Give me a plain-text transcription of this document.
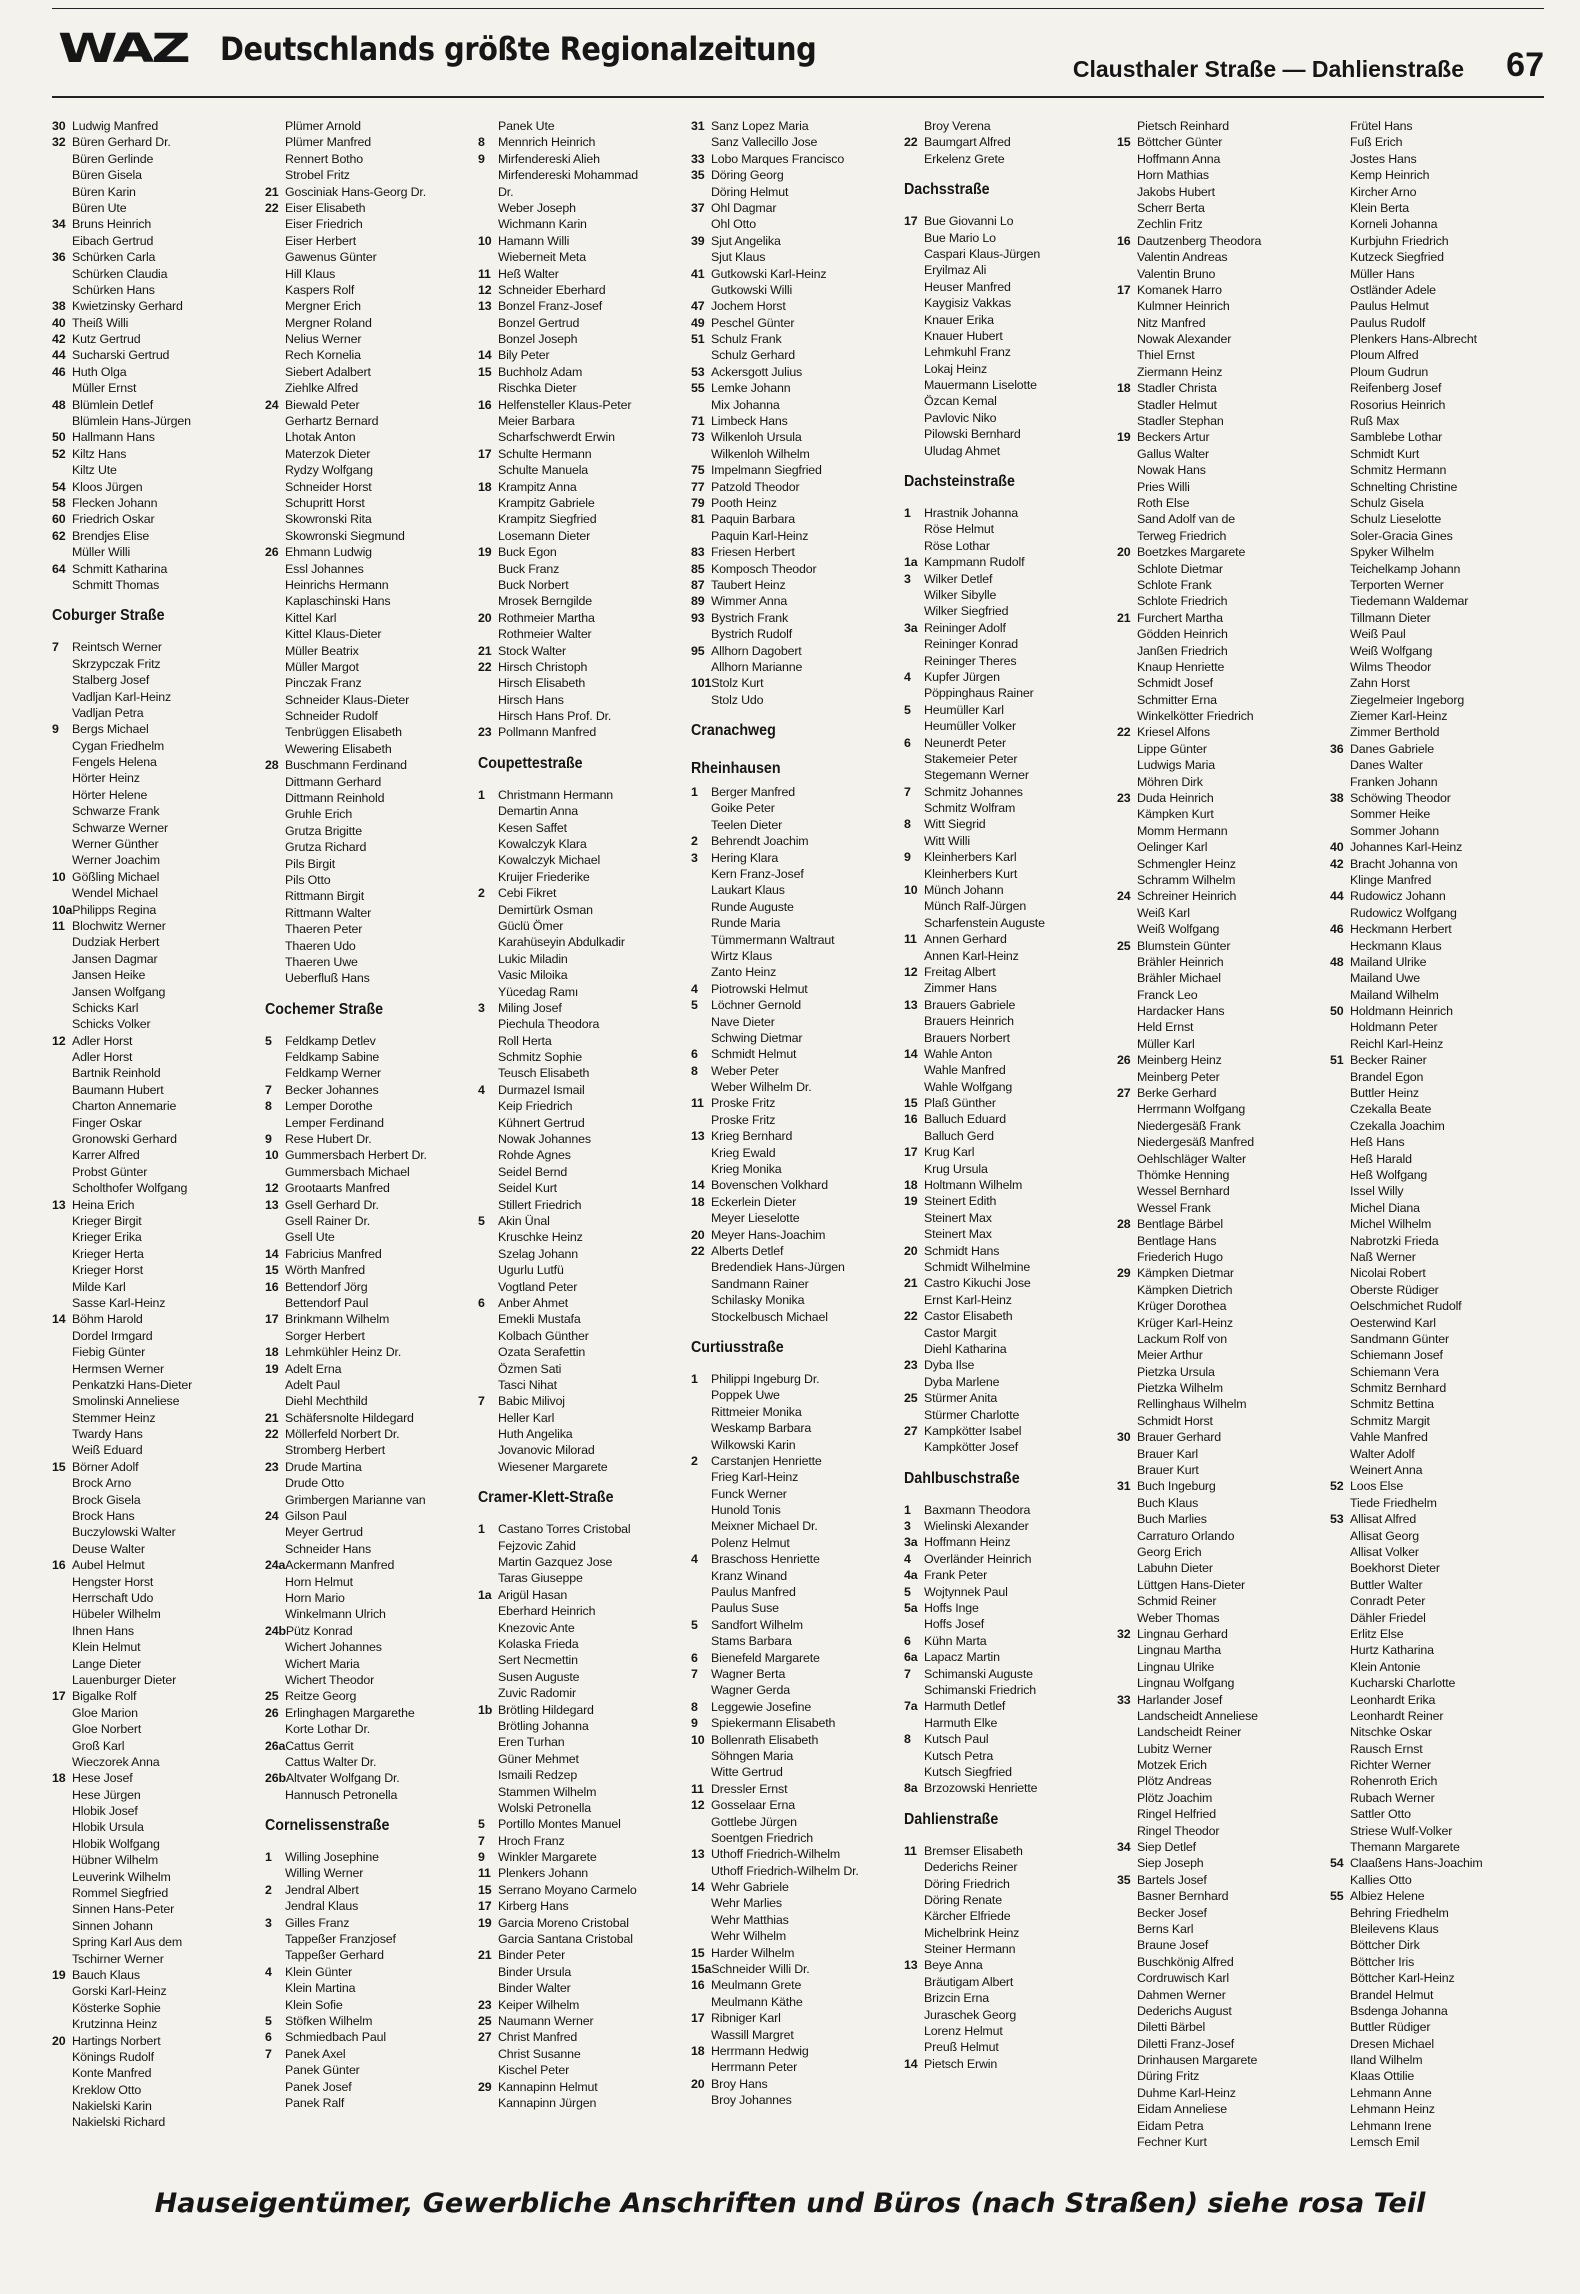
WAZ Deutschlands größte Regionalzeitung
Clausthaler Straße — Dahlienstraße 67
30 Ludwig Manfred
32 Büren Gerhard Dr.
Büren Gerlinde
Büren Gisela
Büren Karin
Büren Ute
34 Bruns Heinrich
Eibach Gertrud
36 Schürken Carla
Schürken Claudia
Schürken Hans
38 Kwietzinsky Gerhard
40 Theiß Willi
42 Kutz Gertrud
44 Sucharski Gertrud
46 Huth Olga
Müller Ernst
48 Blümlein Detlef
Blümlein Hans-Jürgen
50 Hallmann Hans
52 Kiltz Hans
Kiltz Ute
54 Kloos Jürgen
58 Flecken Johann
60 Friedrich Oskar
62 Brendjes Elise
Müller Willi
64 Schmitt Katharina
Schmitt Thomas
Coburger Straße
7 Reintsch Werner
Skrzypczak Fritz
Stalberg Josef
Vadljan Karl-Heinz
Vadljan Petra
9 Bergs Michael
Cygan Friedhelm
Fengels Helena
Hörter Heinz
Hörter Helene
Schwarze Frank
Schwarze Werner
Werner Günther
Werner Joachim
10 Gößling Michael
Wendel Michael
10aPhilipps Regina
11 Blochwitz Werner
Dudziak Herbert
Jansen Dagmar
Jansen Heike
Jansen Wolfgang
Schicks Karl
Schicks Volker
12 Adler Horst
Adler Horst
Bartnik Reinhold
Baumann Hubert
Charton Annemarie
Finger Oskar
Gronowski Gerhard
Karrer Alfred
Probst Günter
Scholthofer Wolfgang
13 Heina Erich
Krieger Birgit
Krieger Erika
Krieger Herta
Krieger Horst
Milde Karl
Sasse Karl-Heinz
14 Böhm Harold
Dordel Irmgard
Fiebig Günter
Hermsen Werner
Penkatzki Hans-Dieter
Smolinski Anneliese
Stemmer Heinz
Twardy Hans
Weiß Eduard
15 Börner Adolf
Brock Arno
Brock Gisela
Brock Hans
Buczylowski Walter
Deuse Walter
16 Aubel Helmut
Hengster Horst
Herrschaft Udo
Hübeler Wilhelm
Ihnen Hans
Klein Helmut
Lange Dieter
Lauenburger Dieter
17 Bigalke Rolf
Gloe Marion
Gloe Norbert
Groß Karl
Wieczorek Anna
18 Hese Josef
Hese Jürgen
Hlobik Josef
Hlobik Ursula
Hlobik Wolfgang
Hübner Wilhelm
Leuverink Wilhelm
Rommel Siegfried
Sinnen Hans-Peter
Sinnen Johann
Spring Karl Aus dem
Tschirner Werner
19 Bauch Klaus
Gorski Karl-Heinz
Kösterke Sophie
Krutzinna Heinz
20 Hartings Norbert
Könings Rudolf
Konte Manfred
Kreklow Otto
Nakielski Karin
Nakielski Richard
Plümer Arnold
Plümer Manfred
Rennert Botho
Strobel Fritz
21 Gosciniak Hans-Georg Dr.
22 Eiser Elisabeth
Eiser Friedrich
Eiser Herbert
Gawenus Günter
Hill Klaus
Kaspers Rolf
Mergner Erich
Mergner Roland
Nelius Werner
Rech Kornelia
Siebert Adalbert
Ziehlke Alfred
24 Biewald Peter
Gerhartz Bernard
Lhotak Anton
Materzok Dieter
Rydzy Wolfgang
Schneider Horst
Schupritt Horst
Skowronski Rita
Skowronski Siegmund
26 Ehmann Ludwig
Essl Johannes
Heinrichs Hermann
Kaplaschinski Hans
Kittel Karl
Kittel Klaus-Dieter
Müller Beatrix
Müller Margot
Pinczak Franz
Schneider Klaus-Dieter
Schneider Rudolf
Tenbrüggen Elisabeth
Wewering Elisabeth
28 Buschmann Ferdinand
Dittmann Gerhard
Dittmann Reinhold
Gruhle Erich
Grutza Brigitte
Grutza Richard
Pils Birgit
Pils Otto
Rittmann Birgit
Rittmann Walter
Thaeren Peter
Thaeren Udo
Thaeren Uwe
Ueberfluß Hans
Cochemer Straße
5 Feldkamp Detlev
Feldkamp Sabine
Feldkamp Werner
7 Becker Johannes
8 Lemper Dorothe
Lemper Ferdinand
9 Rese Hubert Dr.
10 Gummersbach Herbert Dr.
Gummersbach Michael
12 Grootaarts Manfred
13 Gsell Gerhard Dr.
Gsell Rainer Dr.
Gsell Ute
14 Fabricius Manfred
15 Wörth Manfred
16 Bettendorf Jörg
Bettendorf Paul
17 Brinkmann Wilhelm
Sorger Herbert
18 Lehmkühler Heinz Dr.
19 Adelt Erna
Adelt Paul
Diehl Mechthild
21 Schäfersnolte Hildegard
22 Möllerfeld Norbert Dr.
Stromberg Herbert
23 Drude Martina
Drude Otto
Grimbergen Marianne van
24 Gilson Paul
Meyer Gertrud
Schneider Hans
24aAckermann Manfred
Horn Helmut
Horn Mario
Winkelmann Ulrich
24bPütz Konrad
Wichert Johannes
Wichert Maria
Wichert Theodor
25 Reitze Georg
26 Erlinghagen Margarethe
Korte Lothar Dr.
26aCattus Gerrit
Cattus Walter Dr.
26bAltvater Wolfgang Dr.
Hannusch Petronella
Cornelissenstraße
1 Willing Josephine
Willing Werner
2 Jendral Albert
Jendral Klaus
3 Gilles Franz
Tappeßer Franzjosef
Tappeßer Gerhard
4 Klein Günter
Klein Martina
Klein Sofie
5 Stöfken Wilhelm
6 Schmiedbach Paul
7 Panek Axel
Panek Günter
Panek Josef
Panek Ralf
Panek Ute
8 Mennrich Heinrich
9 Mirfendereski Alieh
Mirfendereski Mohammad
Dr.
Weber Joseph
Wichmann Karin
10 Hamann Willi
Wieberneit Meta
11 Heß Walter
12 Schneider Eberhard
13 Bonzel Franz-Josef
Bonzel Gertrud
Bonzel Joseph
14 Bily Peter
15 Buchholz Adam
Rischka Dieter
16 Helfensteller Klaus-Peter
Meier Barbara
Scharfschwerdt Erwin
17 Schulte Hermann
Schulte Manuela
18 Krampitz Anna
Krampitz Gabriele
Krampitz Siegfried
Losemann Dieter
19 Buck Egon
Buck Franz
Buck Norbert
Mrosek Berngilde
20 Rothmeier Martha
Rothmeier Walter
21 Stock Walter
22 Hirsch Christoph
Hirsch Elisabeth
Hirsch Hans
Hirsch Hans Prof. Dr.
23 Pollmann Manfred
Coupettestraße
1 Christmann Hermann
Demartin Anna
Kesen Saffet
Kowalczyk Klara
Kowalczyk Michael
Kruijer Friederike
2 Cebi Fikret
Demirtürk Osman
Güclü Ömer
Karahüseyin Abdulkadir
Lukic Miladin
Vasic Miloika
Yücedag Ramı
3 Miling Josef
Piechula Theodora
Roll Herta
Schmitz Sophie
Teusch Elisabeth
4 Durmazel Ismail
Keip Friedrich
Kühnert Gertrud
Nowak Johannes
Rohde Agnes
Seidel Bernd
Seidel Kurt
Stillert Friedrich
5 Akin Ünal
Kruschke Heinz
Szelag Johann
Ugurlu Lutfü
Vogtland Peter
6 Anber Ahmet
Emekli Mustafa
Kolbach Günther
Ozata Serafettin
Özmen Sati
Tasci Nihat
7 Babic Milivoj
Heller Karl
Huth Angelika
Jovanovic Milorad
Wiesener Margarete
Cramer-Klett-Straße
1 Castano Torres Cristobal
Fejzovic Zahid
Martin Gazquez Jose
Taras Giuseppe
1a Arigül Hasan
Eberhard Heinrich
Knezovic Ante
Kolaska Frieda
Sert Necmettin
Susen Auguste
Zuvic Radomir
1b Brötling Hildegard
Brötling Johanna
Eren Turhan
Güner Mehmet
Ismaili Redzep
Stammen Wilhelm
Wolski Petronella
5 Portillo Montes Manuel
7 Hroch Franz
9 Winkler Margarete
11 Plenkers Johann
15 Serrano Moyano Carmelo
17 Kirberg Hans
19 Garcia Moreno Cristobal
Garcia Santana Cristobal
21 Binder Peter
Binder Ursula
Binder Walter
23 Keiper Wilhelm
25 Naumann Werner
27 Christ Manfred
Christ Susanne
Kischel Peter
29 Kannapinn Helmut
Kannapinn Jürgen
31 Sanz Lopez Maria
Sanz Vallecillo Jose
33 Lobo Marques Francisco
35 Döring Georg
Döring Helmut
37 Ohl Dagmar
Ohl Otto
39 Sjut Angelika
Sjut Klaus
41 Gutkowski Karl-Heinz
Gutkowski Willi
47 Jochem Horst
49 Peschel Günter
51 Schulz Frank
Schulz Gerhard
53 Ackersgott Julius
55 Lemke Johann
Mix Johanna
71 Limbeck Hans
73 Wilkenloh Ursula
Wilkenloh Wilhelm
75 Impelmann Siegfried
77 Patzold Theodor
79 Pooth Heinz
81 Paquin Barbara
Paquin Karl-Heinz
83 Friesen Herbert
85 Komposch Theodor
87 Taubert Heinz
89 Wimmer Anna
93 Bystrich Frank
Bystrich Rudolf
95 Allhorn Dagobert
Allhorn Marianne
101Stolz Kurt
Stolz Udo
Cranachweg
Rheinhausen
1 Berger Manfred
Goike Peter
Teelen Dieter
2 Behrendt Joachim
3 Hering Klara
Kern Franz-Josef
Laukart Klaus
Runde Auguste
Runde Maria
Tümmermann Waltraut
Wirtz Klaus
Zanto Heinz
4 Piotrowski Helmut
5 Löchner Gernold
Nave Dieter
Schwing Dietmar
6 Schmidt Helmut
8 Weber Peter
Weber Wilhelm Dr.
11 Proske Fritz
Proske Fritz
13 Krieg Bernhard
Krieg Ewald
Krieg Monika
14 Bovenschen Volkhard
18 Eckerlein Dieter
Meyer Lieselotte
20 Meyer Hans-Joachim
22 Alberts Detlef
Bredendiek Hans-Jürgen
Sandmann Rainer
Schilasky Monika
Stockelbusch Michael
Curtiusstraße
1 Philippi Ingeburg Dr.
Poppek Uwe
Rittmeier Monika
Weskamp Barbara
Wilkowski Karin
2 Carstanjen Henriette
Frieg Karl-Heinz
Funck Werner
Hunold Tonis
Meixner Michael Dr.
Polenz Helmut
4 Braschoss Henriette
Kranz Winand
Paulus Manfred
Paulus Suse
5 Sandfort Wilhelm
Stams Barbara
6 Bienefeld Margarete
7 Wagner Berta
Wagner Gerda
8 Leggewie Josefine
9 Spiekermann Elisabeth
10 Bollenrath Elisabeth
Söhngen Maria
Witte Gertrud
11 Dressler Ernst
12 Gosselaar Erna
Gottlebe Jürgen
Soentgen Friedrich
13 Uthoff Friedrich-Wilhelm
Uthoff Friedrich-Wilhelm Dr.
14 Wehr Gabriele
Wehr Marlies
Wehr Matthias
Wehr Wilhelm
15 Harder Wilhelm
15aSchneider Willi Dr.
16 Meulmann Grete
Meulmann Käthe
17 Ribniger Karl
Wassill Margret
18 Herrmann Hedwig
Herrmann Peter
20 Broy Hans
Broy Johannes
Broy Verena
22 Baumgart Alfred
Erkelenz Grete
Dachsstraße
17 Bue Giovanni Lo
Bue Mario Lo
Caspari Klaus-Jürgen
Eryilmaz Ali
Heuser Manfred
Kaygisiz Vakkas
Knauer Erika
Knauer Hubert
Lehmkuhl Franz
Lokaj Heinz
Mauermann Liselotte
Özcan Kemal
Pavlovic Niko
Pilowski Bernhard
Uludag Ahmet
Dachsteinstraße
1 Hrastnik Johanna
Röse Helmut
Röse Lothar
1a Kampmann Rudolf
3 Wilker Detlef
Wilker Sibylle
Wilker Siegfried
3a Reininger Adolf
Reininger Konrad
Reininger Theres
4 Kupfer Jürgen
Pöppinghaus Rainer
5 Heumüller Karl
Heumüller Volker
6 Neunerdt Peter
Stakemeier Peter
Stegemann Werner
7 Schmitz Johannes
Schmitz Wolfram
8 Witt Siegrid
Witt Willi
9 Kleinherbers Karl
Kleinherbers Kurt
10 Münch Johann
Münch Ralf-Jürgen
Scharfenstein Auguste
11 Annen Gerhard
Annen Karl-Heinz
12 Freitag Albert
Zimmer Hans
13 Brauers Gabriele
Brauers Heinrich
Brauers Norbert
14 Wahle Anton
Wahle Manfred
Wahle Wolfgang
15 Plaß Günther
16 Balluch Eduard
Balluch Gerd
17 Krug Karl
Krug Ursula
18 Holtmann Wilhelm
19 Steinert Edith
Steinert Max
Steinert Max
20 Schmidt Hans
Schmidt Wilhelmine
21 Castro Kikuchi Jose
Ernst Karl-Heinz
22 Castor Elisabeth
Castor Margit
Diehl Katharina
23 Dyba Ilse
Dyba Marlene
25 Stürmer Anita
Stürmer Charlotte
27 Kampkötter Isabel
Kampkötter Josef
Dahlbuschstraße
1 Baxmann Theodora
3 Wielinski Alexander
3a Hoffmann Heinz
4 Overländer Heinrich
4a Frank Peter
5 Wojtynnek Paul
5a Hoffs Inge
Hoffs Josef
6 Kühn Marta
6a Lapacz Martin
7 Schimanski Auguste
Schimanski Friedrich
7a Harmuth Detlef
Harmuth Elke
8 Kutsch Paul
Kutsch Petra
Kutsch Siegfried
8a Brzozowski Henriette
Dahlienstraße
11 Bremser Elisabeth
Dederichs Reiner
Döring Friedrich
Döring Renate
Kärcher Elfriede
Michelbrink Heinz
Steiner Hermann
13 Beye Anna
Bräutigam Albert
Brizcin Erna
Juraschek Georg
Lorenz Helmut
Preuß Helmut
14 Pietsch Erwin
Pietsch Reinhard
15 Böttcher Günter
Hoffmann Anna
Horn Mathias
Jakobs Hubert
Scherr Berta
Zechlin Fritz
16 Dautzenberg Theodora
Valentin Andreas
Valentin Bruno
17 Komanek Harro
Kulmner Heinrich
Nitz Manfred
Nowak Alexander
Thiel Ernst
Ziermann Heinz
18 Stadler Christa
Stadler Helmut
Stadler Stephan
19 Beckers Artur
Gallus Walter
Nowak Hans
Pries Willi
Roth Else
Sand Adolf van de
Terweg Friedrich
20 Boetzkes Margarete
Schlote Dietmar
Schlote Frank
Schlote Friedrich
21 Furchert Martha
Gödden Heinrich
Janßen Friedrich
Knaup Henriette
Schmidt Josef
Schmitter Erna
Winkelkötter Friedrich
22 Kriesel Alfons
Lippe Günter
Ludwigs Maria
Möhren Dirk
23 Duda Heinrich
Kämpken Kurt
Momm Hermann
Oelinger Karl
Schmengler Heinz
Schramm Wilhelm
24 Schreiner Heinrich
Weiß Karl
Weiß Wolfgang
25 Blumstein Günter
Brähler Heinrich
Brähler Michael
Franck Leo
Hardacker Hans
Held Ernst
Müller Karl
26 Meinberg Heinz
Meinberg Peter
27 Berke Gerhard
Herrmann Wolfgang
Niedergesäß Frank
Niedergesäß Manfred
Oehlschläger Walter
Thömke Henning
Wessel Bernhard
Wessel Frank
28 Bentlage Bärbel
Bentlage Hans
Friederich Hugo
29 Kämpken Dietmar
Kämpken Dietrich
Krüger Dorothea
Krüger Karl-Heinz
Lackum Rolf von
Meier Arthur
Pietzka Ursula
Pietzka Wilhelm
Rellinghaus Wilhelm
Schmidt Horst
30 Brauer Gerhard
Brauer Karl
Brauer Kurt
31 Buch Ingeburg
Buch Klaus
Buch Marlies
Carraturo Orlando
Georg Erich
Labuhn Dieter
Lüttgen Hans-Dieter
Schmid Reiner
Weber Thomas
32 Lingnau Gerhard
Lingnau Martha
Lingnau Ulrike
Lingnau Wolfgang
33 Harlander Josef
Landscheidt Anneliese
Landscheidt Reiner
Lubitz Werner
Motzek Erich
Plötz Andreas
Plötz Joachim
Ringel Helfried
Ringel Theodor
34 Siep Detlef
Siep Joseph
35 Bartels Josef
Basner Bernhard
Becker Josef
Berns Karl
Braune Josef
Buschkönig Alfred
Cordruwisch Karl
Dahmen Werner
Dederichs August
Diletti Bärbel
Diletti Franz-Josef
Drinhausen Margarete
Düring Fritz
Duhme Karl-Heinz
Eidam Anneliese
Eidam Petra
Fechner Kurt
Frütel Hans
Fuß Erich
Jostes Hans
Kemp Heinrich
Kircher Arno
Klein Berta
Korneli Johanna
Kurbjuhn Friedrich
Kutzeck Siegfried
Müller Hans
Ostländer Adele
Paulus Helmut
Paulus Rudolf
Plenkers Hans-Albrecht
Ploum Alfred
Ploum Gudrun
Reifenberg Josef
Rosorius Heinrich
Ruß Max
Samblebe Lothar
Schmidt Kurt
Schmitz Hermann
Schnelting Christine
Schulz Gisela
Schulz Lieselotte
Soler-Gracia Gines
Spyker Wilhelm
Teichelkamp Johann
Terporten Werner
Tiedemann Waldemar
Tillmann Dieter
Weiß Paul
Weiß Wolfgang
Wilms Theodor
Zahn Horst
Ziegelmeier Ingeborg
Ziemer Karl-Heinz
Zimmer Berthold
36 Danes Gabriele
Danes Walter
Franken Johann
38 Schöwing Theodor
Sommer Heike
Sommer Johann
40 Johannes Karl-Heinz
42 Bracht Johanna von
Klinge Manfred
44 Rudowicz Johann
Rudowicz Wolfgang
46 Heckmann Herbert
Heckmann Klaus
48 Mailand Ulrike
Mailand Uwe
Mailand Wilhelm
50 Holdmann Heinrich
Holdmann Peter
Reichl Karl-Heinz
51 Becker Rainer
Brandel Egon
Buttler Heinz
Czekalla Beate
Czekalla Joachim
Heß Hans
Heß Harald
Heß Wolfgang
Issel Willy
Michel Diana
Michel Wilhelm
Nabrotzki Frieda
Naß Werner
Nicolai Robert
Oberste Rüdiger
Oelschmichet Rudolf
Oesterwind Karl
Sandmann Günter
Schiemann Josef
Schiemann Vera
Schmitz Bernhard
Schmitz Bettina
Schmitz Margit
Vahle Manfred
Walter Adolf
Weinert Anna
52 Loos Else
Tiede Friedhelm
53 Allisat Alfred
Allisat Georg
Allisat Volker
Boekhorst Dieter
Buttler Walter
Conradt Peter
Dähler Friedel
Erlitz Else
Hurtz Katharina
Klein Antonie
Kucharski Charlotte
Leonhardt Erika
Leonhardt Reiner
Nitschke Oskar
Rausch Ernst
Richter Werner
Rohenroth Erich
Rubach Werner
Sattler Otto
Striese Wulf-Volker
Themann Margarete
54 Claaßens Hans-Joachim
Kallies Otto
55 Albiez Helene
Behring Friedhelm
Bleilevens Klaus
Böttcher Dirk
Böttcher Iris
Böttcher Karl-Heinz
Brandel Helmut
Bsdenga Johanna
Buttler Rüdiger
Dresen Michael
Iland Wilhelm
Klaas Ottilie
Lehmann Anne
Lehmann Heinz
Lehmann Irene
Lemsch Emil
Hauseigentümer, Gewerbliche Anschriften und Büros (nach Straßen) siehe rosa Teil
